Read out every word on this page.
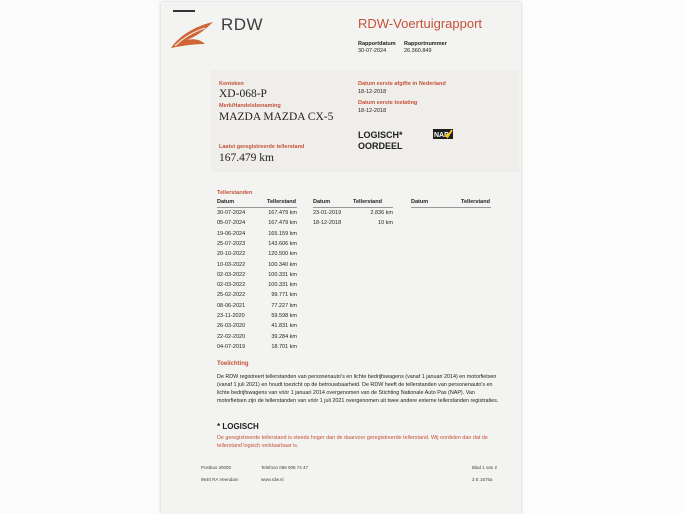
RDW	RDW-Voertuigrapport
Rapportdatum
30-07-2024
Rapportnummer
26.360.849
Kenteken
XD-068-P
Merk/Handelsbenaming
MAZDA MAZDA CX-5
Datum eerste afgifte in Nederland
18-12-2018
Datum eerste toelating
18-12-2018
LOGISCH*
OORDEEL
NAP
Laatst geregistreerde tellerstand
167.479 km
Tellerstanden
Datum	Tellerstand	Datum	Tellerstand	Datum	Tellerstand
30-07-2024	167.479 km
05-07-2024	167.479 km
19-06-2024	165.159 km
25-07-2023	143.606 km
20-10-2022	120.500 km
10-03-2022	100.340 km
02-03-2022	100.331 km
02-03-2022	100.331 km
25-02-2022	99.771 km
08-06-2021	77.227 km
23-11-2020	59.598 km
26-03-2020	41.831 km
22-02-2020	39.284 km
04-07-2019	18.701 km
23-01-2019	2.836 km
18-12-2018	10 km
Toelichting
De RDW registreert tellerstanden van personenauto's en lichte bedrijfswagens (vanaf 1 januari 2014) en motorfietsen (vanaf 1 juli 2021) en houdt toezicht op de betrouwbaarheid. De RDW heeft de tellerstanden van personenauto's en lichte bedrijfswagens van vóór 1 januari 2014 overgenomen van de Stichting Nationale Auto Pas (NAP). Van motorfietsen zijn de tellerstanden van vóór 1 juli 2021 overgenomen uit twee andere externe tellerstanden registraties.
* LOGISCH
De geregistreerde tellerstand is steeds hoger dan de daarvoor geregistreerde tellerstand. Wij oordelen dan dat de tellerstand logisch verklaarbaar is.
Postbus 30000
9640 RA Veendam
Telefoon 088 008 74 47
www.rdw.nl
Blad 1 van 2
3 E 1675a
